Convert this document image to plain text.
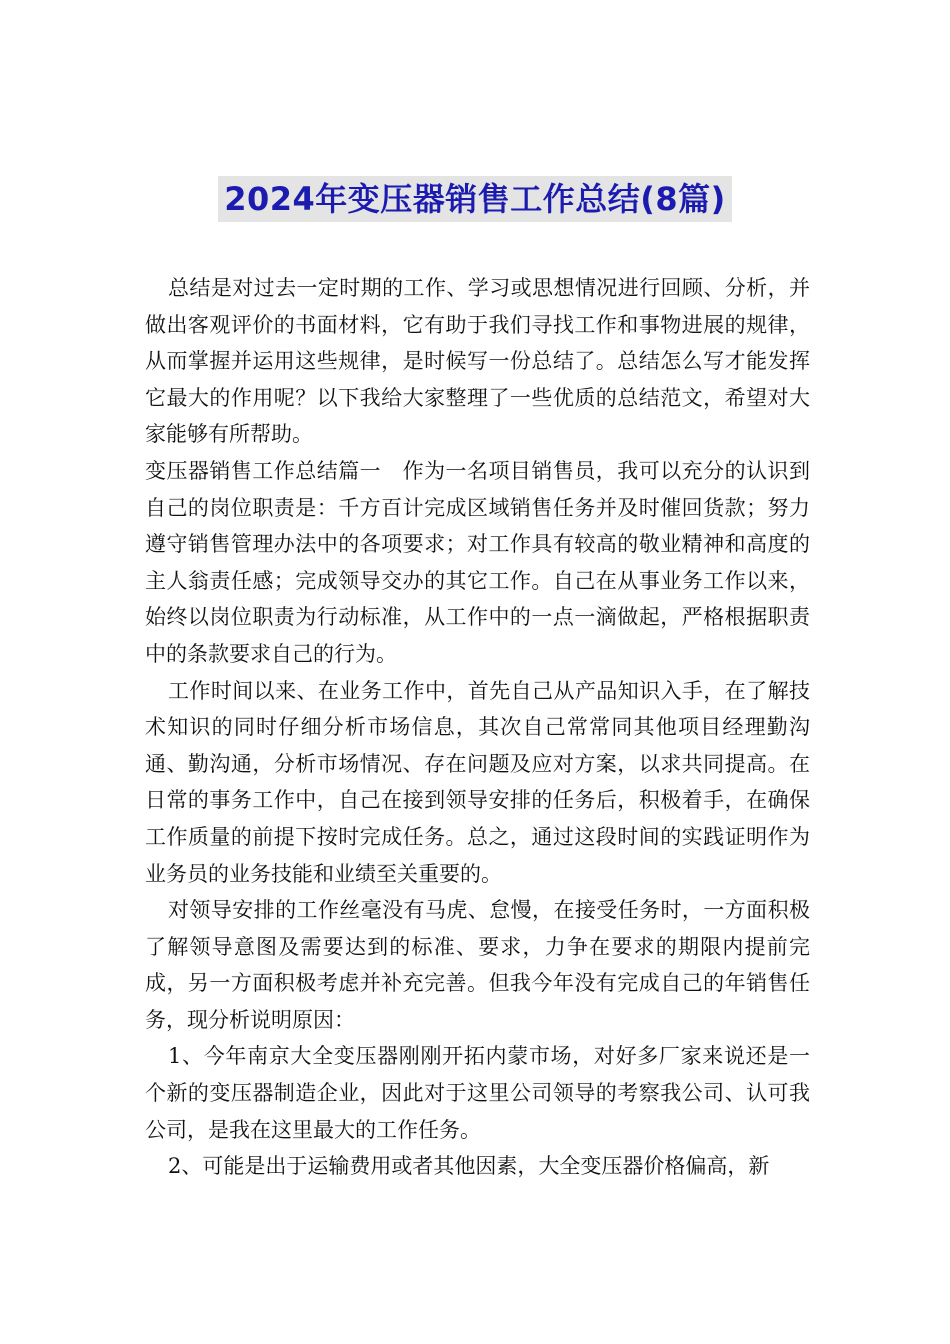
2024年变压器销售工作总结(8篇)

总结是对过去一定时期的工作、学习或思想情况进行回顾、分析，并做出客观评价的书面材料，它有助于我们寻找工作和事物进展的规律，从而掌握并运用这些规律，是时候写一份总结了。总结怎么写才能发挥它最大的作用呢？以下我给大家整理了一些优质的总结范文，希望对大家能够有所帮助。

变压器销售工作总结篇一　作为一名项目销售员，我可以充分的认识到自己的岗位职责是：千方百计完成区域销售任务并及时催回货款；努力遵守销售管理办法中的各项要求；对工作具有较高的敬业精神和高度的主人翁责任感；完成领导交办的其它工作。自己在从事业务工作以来，始终以岗位职责为行动标准，从工作中的一点一滴做起，严格根据职责中的条款要求自己的行为。

工作时间以来、在业务工作中，首先自己从产品知识入手，在了解技术知识的同时仔细分析市场信息，其次自己常常同其他项目经理勤沟通、勤沟通，分析市场情况、存在问题及应对方案，以求共同提高。在日常的事务工作中，自己在接到领导安排的任务后，积极着手，在确保工作质量的前提下按时完成任务。总之，通过这段时间的实践证明作为业务员的业务技能和业绩至关重要的。

对领导安排的工作丝毫没有马虎、怠慢，在接受任务时，一方面积极了解领导意图及需要达到的标准、要求，力争在要求的期限内提前完成，另一方面积极考虑并补充完善。但我今年没有完成自己的年销售任务，现分析说明原因：

1、今年南京大全变压器刚刚开拓内蒙市场，对好多厂家来说还是一个新的变压器制造企业，因此对于这里公司领导的考察我公司、认可我公司，是我在这里最大的工作任务。

2、可能是出于运输费用或者其他因素，大全变压器价格偏高，新
